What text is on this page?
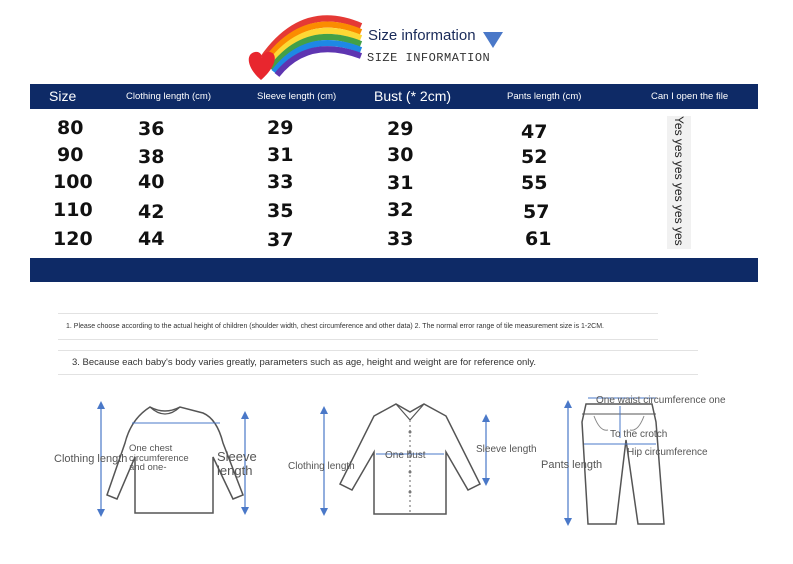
Size information
SIZE INFORMATION
Size	Clothing length (cm)	Sleeve length (cm)	Bust (* 2cm)	Pants length (cm)	Can I open the file
80	36	29	29	47
90	38	31	30	52
100 40	33	31	55
110 42	35	32	57
120 44	37	33	61	Yes yes yes yes yes yes
1. Please choose according to the actual height of children (shoulder width, chest circumference and other data) 2. The normal error range of tile measurement size is 1-2CM.
3. Because each baby's body varies greatly, parameters such as age, height and weight are for reference only.
Clothing length
One chest circumference and one-
Sleeve length	Clothing length
One bust
Sleeve length
One waist circumference one
To the crotch
Hip circumference
Pants length
